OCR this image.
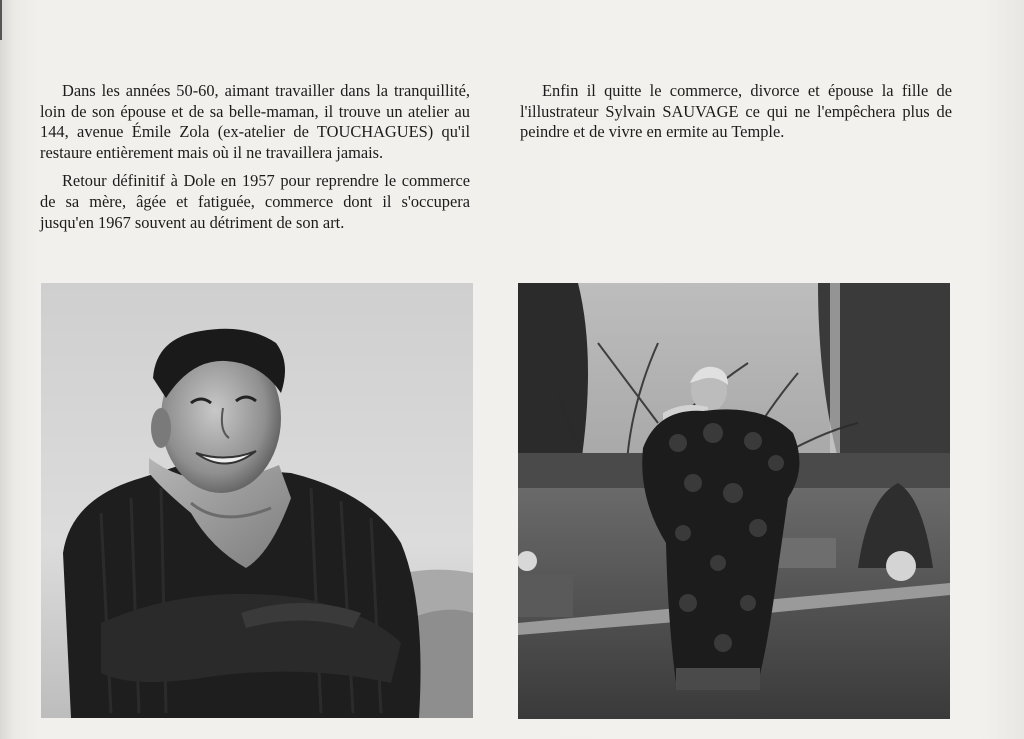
Dans les années 50-60, aimant travailler dans la tranquillité, loin de son épouse et de sa belle-maman, il trouve un atelier au 144, avenue Émile Zola (ex-atelier de TOUCHAGUES) qu'il restaure entièrement mais où il ne travaillera jamais.

Retour définitif à Dole en 1957 pour reprendre le commerce de sa mère, âgée et fatiguée, commerce dont il s'occupera jusqu'en 1967 souvent au détriment de son art.

Enfin il quitte le commerce, divorce et épouse la fille de l'illustrateur Sylvain SAUVAGE ce qui ne l'empêchera plus de peindre et de vivre en ermite au Temple.
